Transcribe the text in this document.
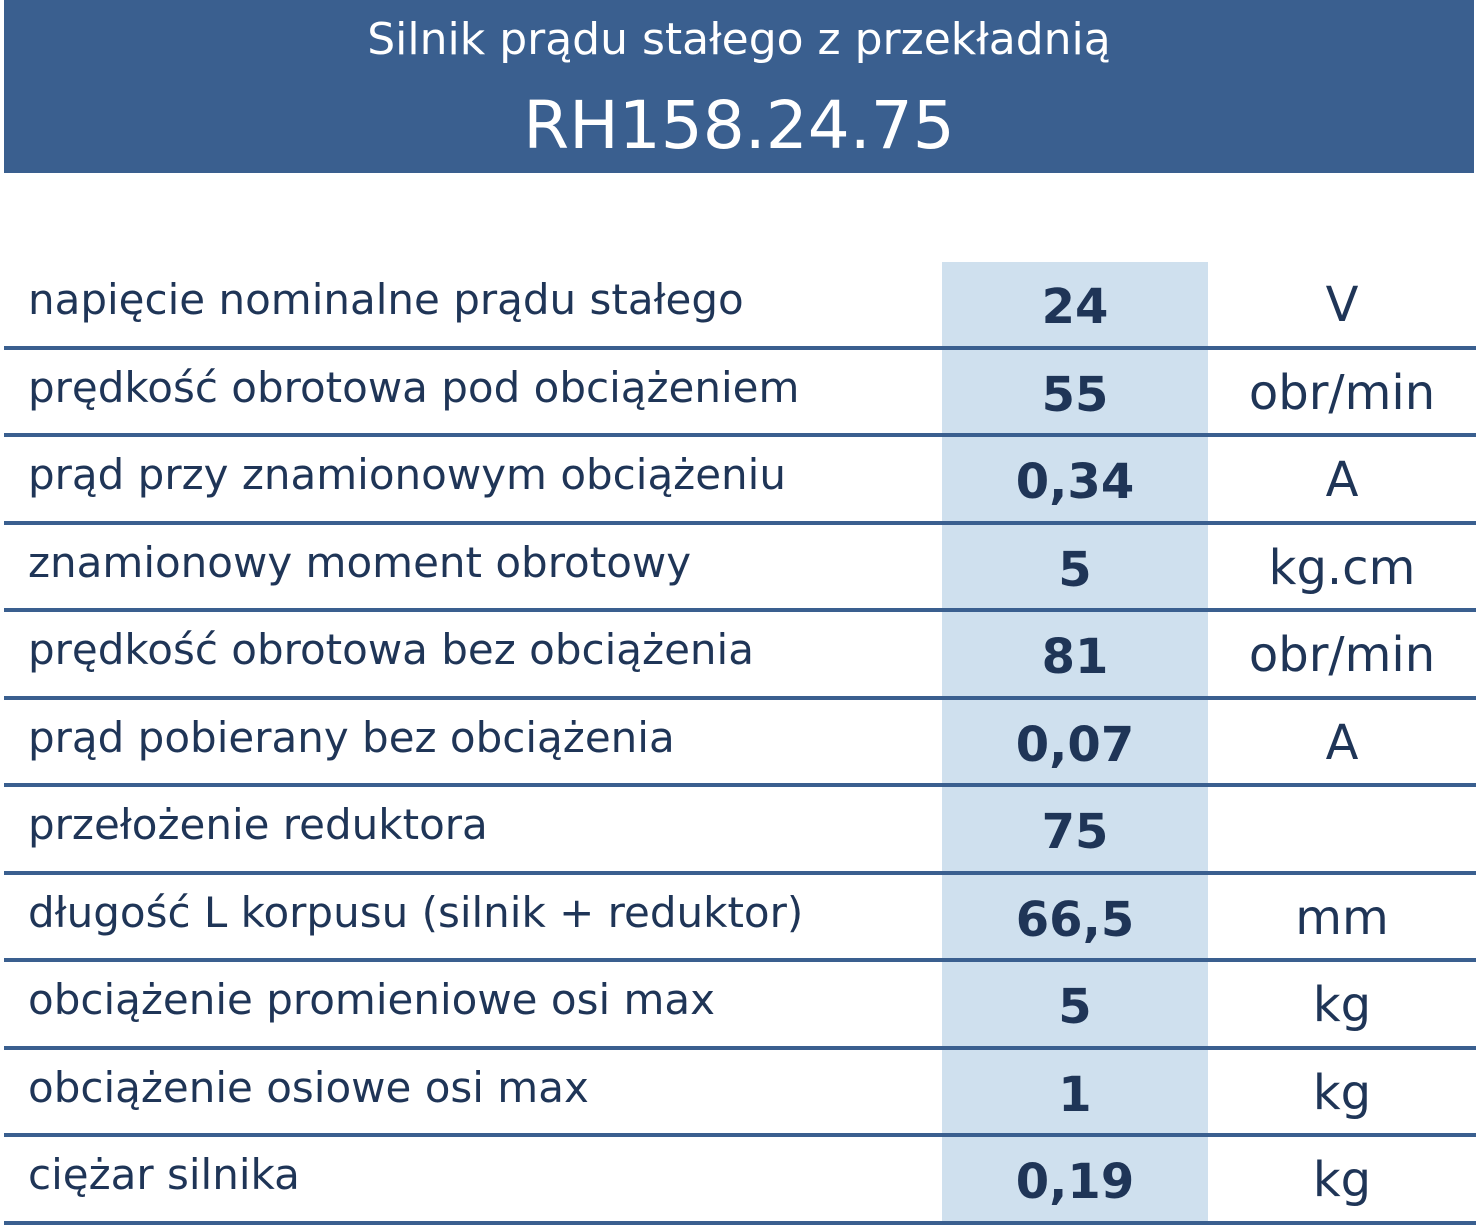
Silnik prądu stałego z przekładnią
RH158.24.75
napięcie nominalne prądu stałego	24	V
prędkość obrotowa pod obciążeniem	55	obr/min
prąd przy znamionowym obciążeniu	0,34	A
znamionowy moment obrotowy	5	kg.cm
prędkość obrotowa bez obciążenia	81	obr/min
prąd pobierany bez obciążenia	0,07	A
przełożenie reduktora	75
długość L korpusu (silnik + reduktor)	66,5	mm
obciążenie promieniowe osi max	5	kg
obciążenie osiowe osi max	1	kg
ciężar silnika	0,19	kg
